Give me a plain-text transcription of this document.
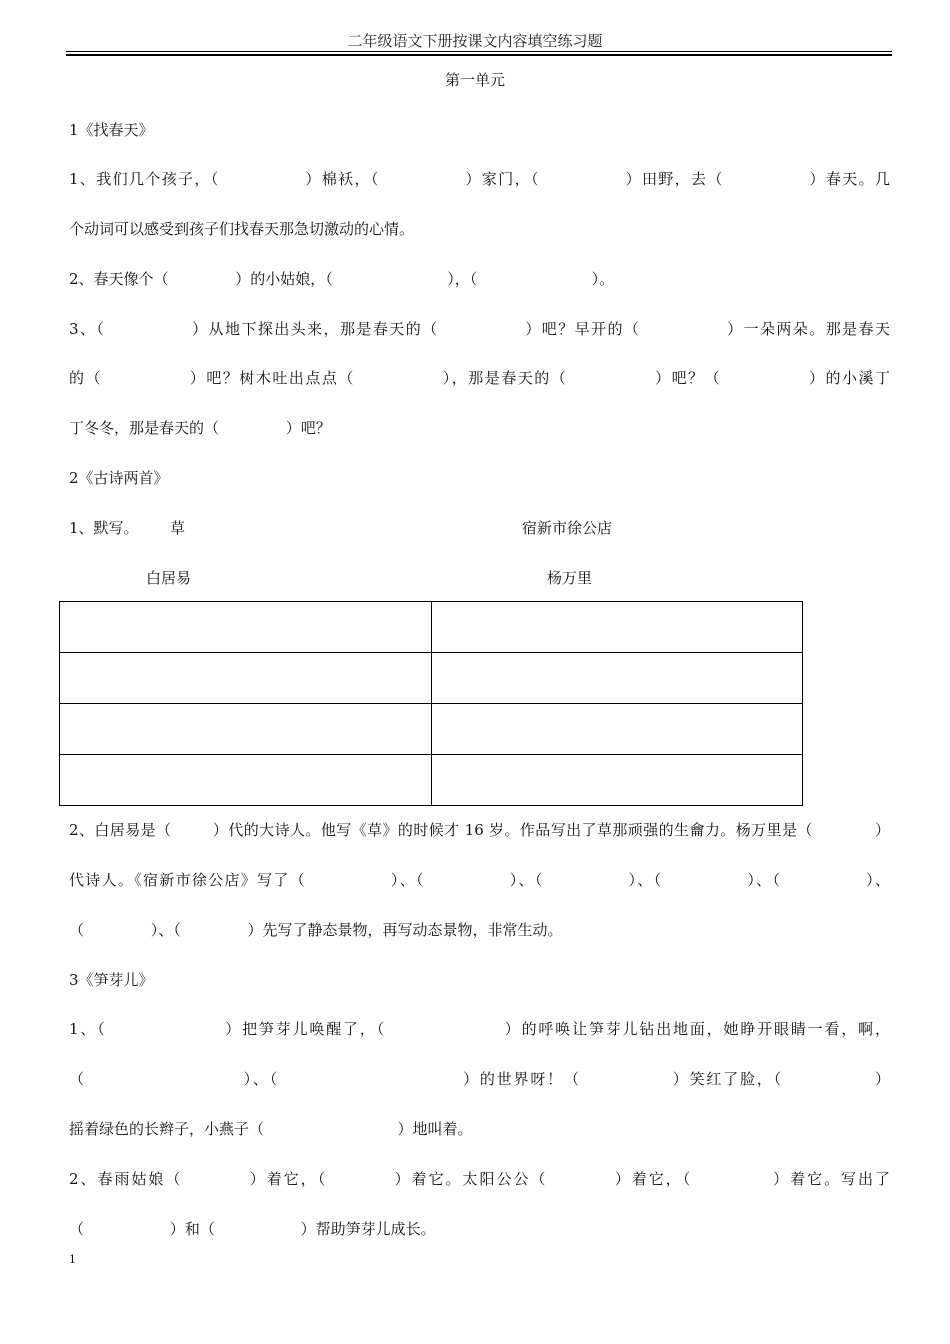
二年级语文下册按课文内容填空练习题
第一单元
1《找春天》
1、我们几个孩子，（              ）棉袄，（              ）家门，（              ）田野，去（              ）春天。几
个动词可以感受到孩子们找春天那急切激动的心情。
2、春天像个（              ）的小姑娘，（                        ），（                        ）。
3、（              ）从地下探出头来，那是春天的（              ）吧？早开的（              ）一朵两朵。那是春天
的（              ）吧？树木吐出点点（              ），那是春天的（              ）吧？（              ）的小溪丁
丁冬冬，那是春天的（              ）吧？
2《古诗两首》
1、默写。 草	宿新市徐公店
白居易	杨万里

2、白居易是（        ）代的大诗人。他写《草》的时候才 16 岁。作品写出了草那顽强的生龠力。杨万里是（            ）
代诗人。《宿新市徐公店》写了（              ）、（              ）、（              ）、（              ）、（              ）、
（              ）、（              ）先写了静态景物，再写动态景物，非常生动。
3《笋芽儿》
1、（                  ）把笋芽儿唤醒了，（                  ）的呼唤让笋芽儿钻出地面，她睁开眼睛一看，啊，
（                        ）、（                            ）的世界呀！（              ）笑红了脸，（              ）
摇着绿色的长辫子，小燕子（                            ）地叫着。
2、春雨姑娘（          ）着它，（          ）着它。太阳公公（          ）着它，（            ）着它。写出了
（                  ）和（                  ）帮助笋芽儿成长。
1
